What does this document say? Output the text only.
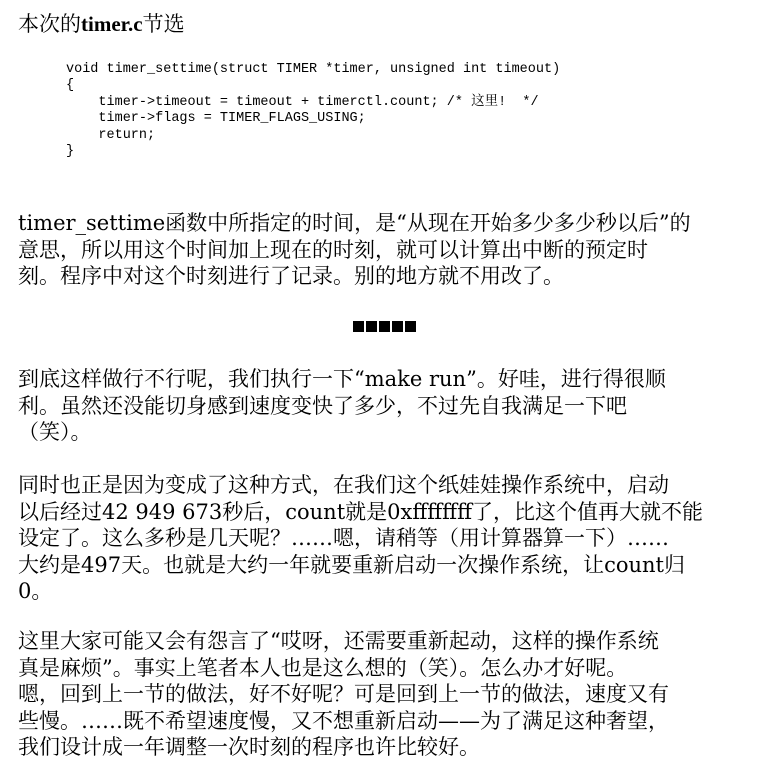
本次的timer.c节选
void timer_settime(struct TIMER *timer, unsigned int timeout)
{
timer->timeout = timeout + timerctl.count; /* 这里!  */
timer->flags = TIMER_FLAGS_USING;
return;
}

timer_settime函数中所指定的时间，是“从现在开始多少多少秒以后”的
意思，所以用这个时间加上现在的时刻，就可以计算出中断的预定时
刻。程序中对这个时刻进行了记录。别的地方就不用改了。

到底这样做行不行呢，我们执行一下“make run”。好哇，进行得很顺
利。虽然还没能切身感到速度变快了多少，不过先自我满足一下吧
（笑）。

同时也正是因为变成了这种方式，在我们这个纸娃娃操作系统中，启动
以后经过42 949 673秒后，count就是0xffffffff了，比这个值再大就不能
设定了。这么多秒是几天呢？……嗯，请稍等（用计算器算一下）……
大约是497天。也就是大约一年就要重新启动一次操作系统，让count归
0。

这里大家可能又会有怨言了“哎呀，还需要重新起动，这样的操作系统
真是麻烦”。事实上笔者本人也是这么想的（笑）。怎么办才好呢。
嗯，回到上一节的做法，好不好呢？可是回到上一节的做法，速度又有
些慢。……既不希望速度慢，又不想重新启动——为了满足这种奢望，
我们设计成一年调整一次时刻的程序也许比较好。
